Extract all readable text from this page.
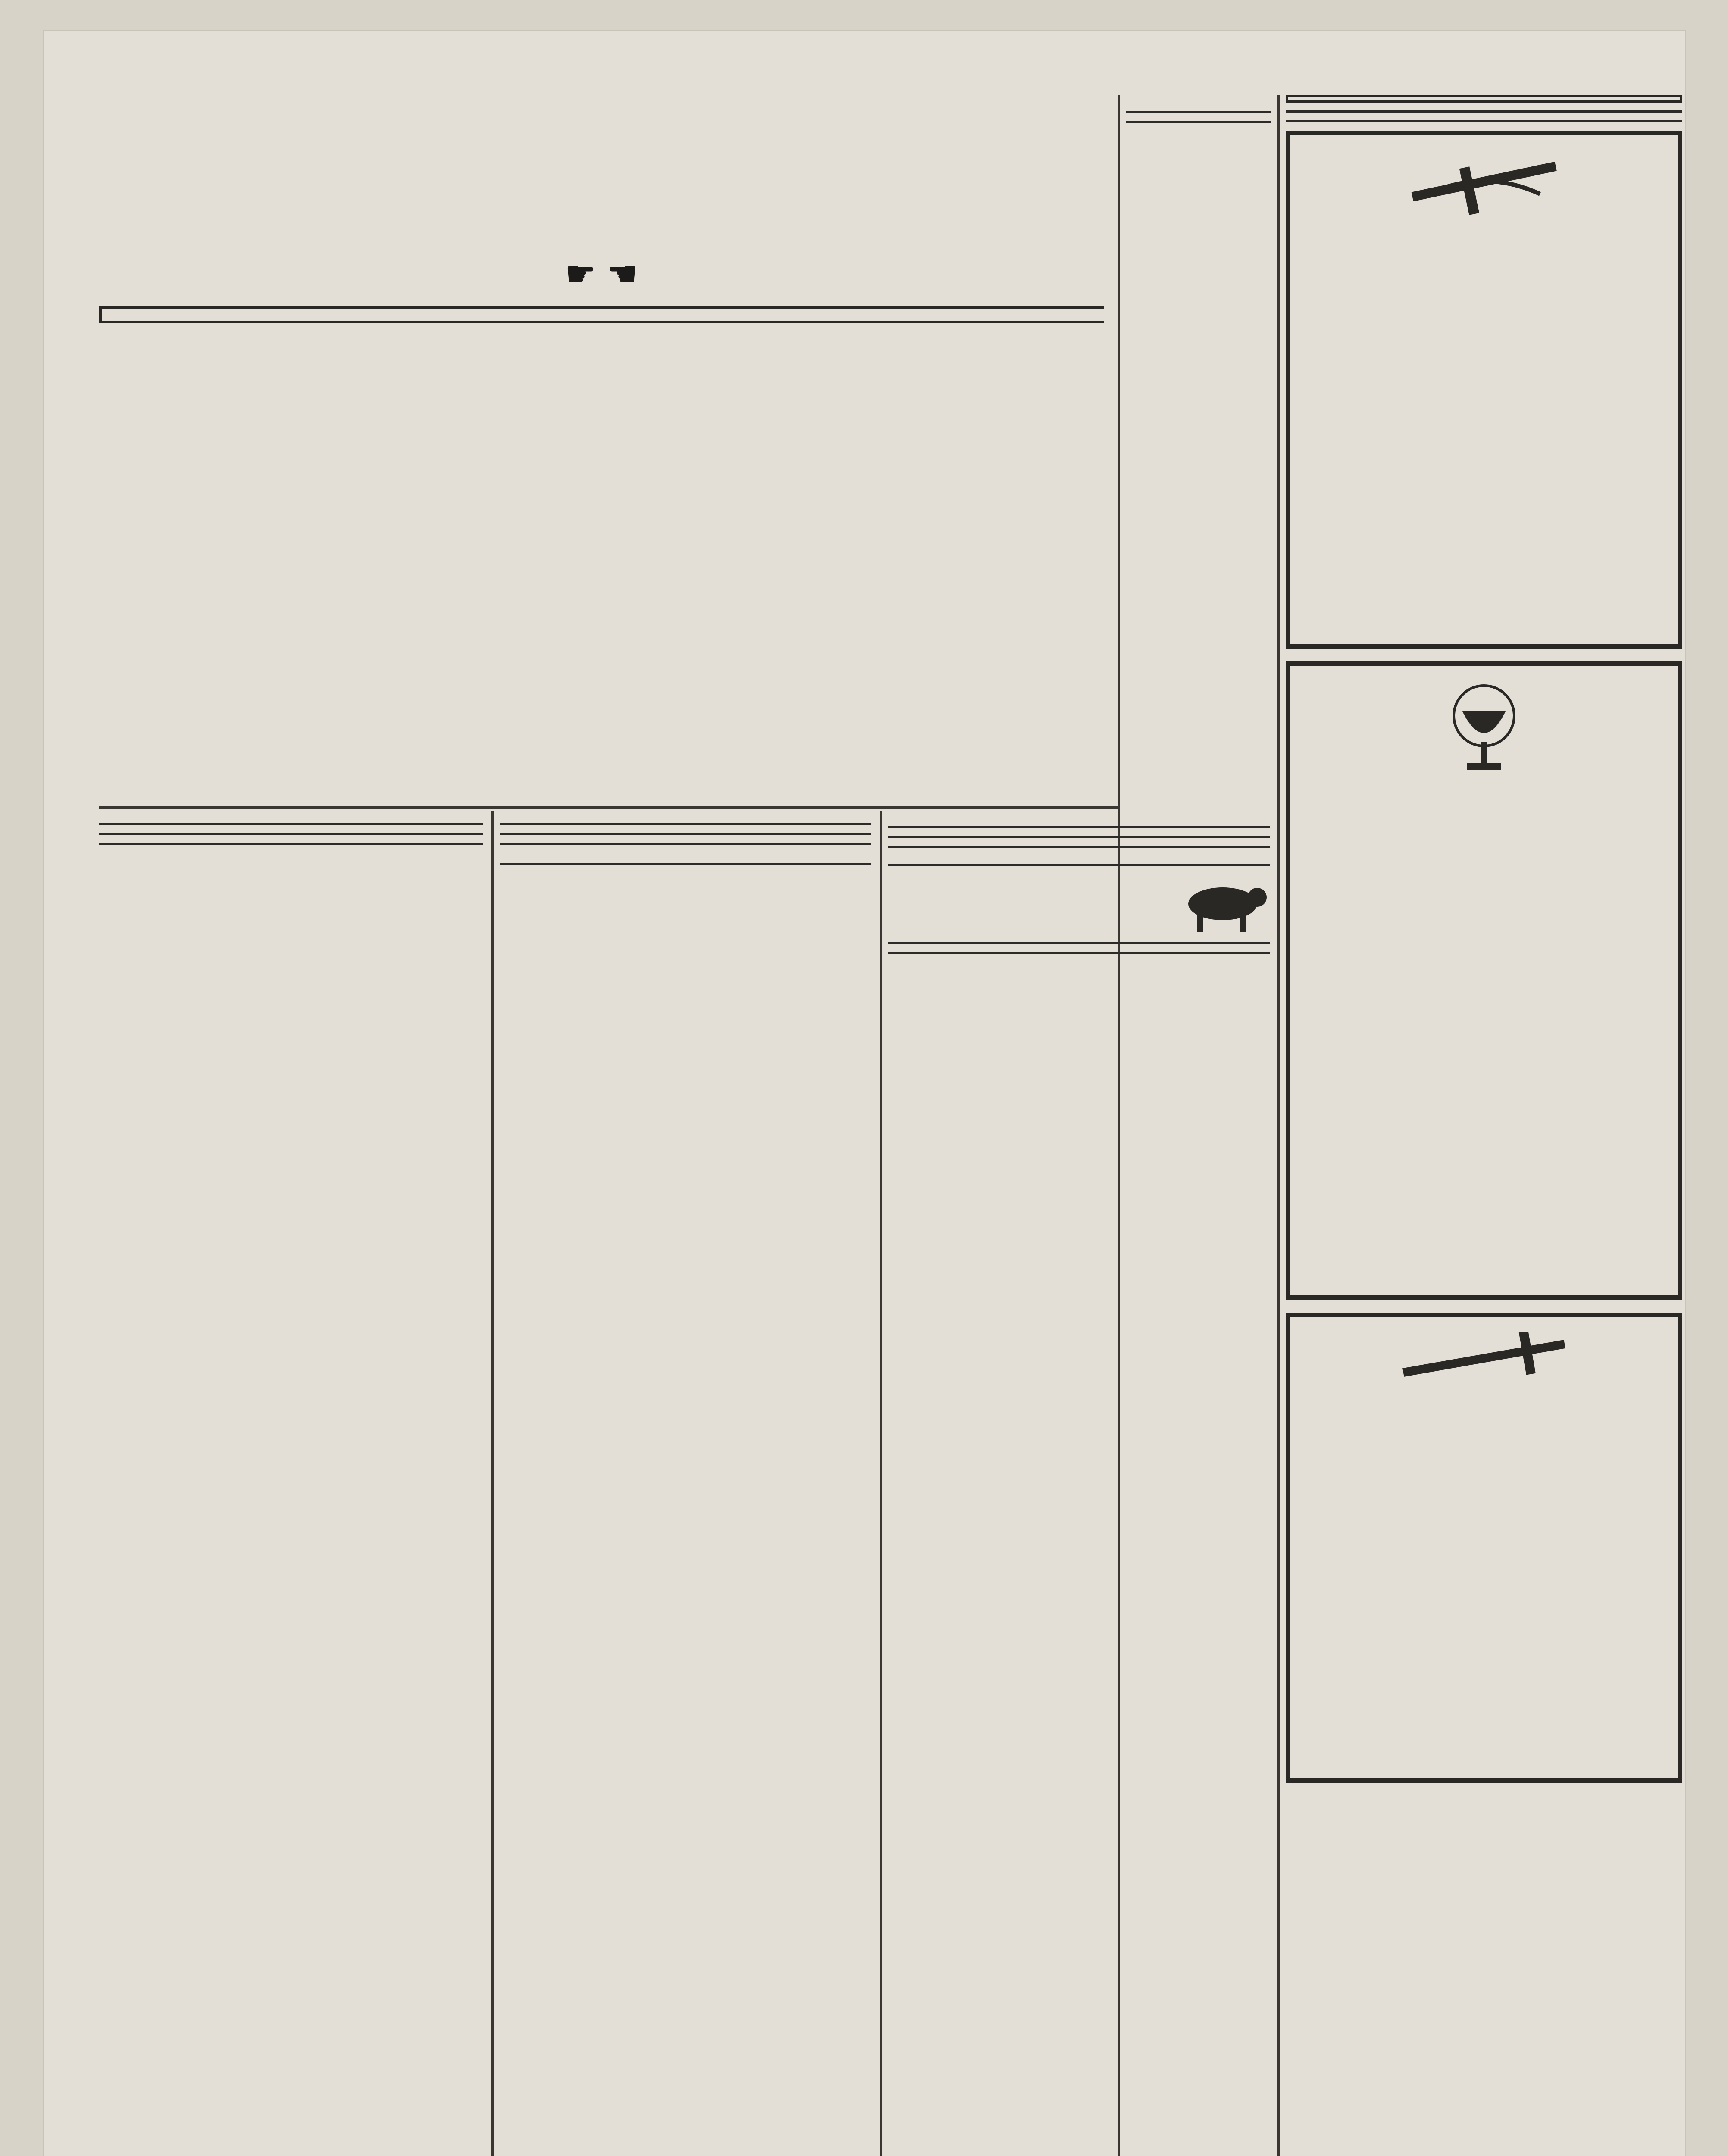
☛ ☚
